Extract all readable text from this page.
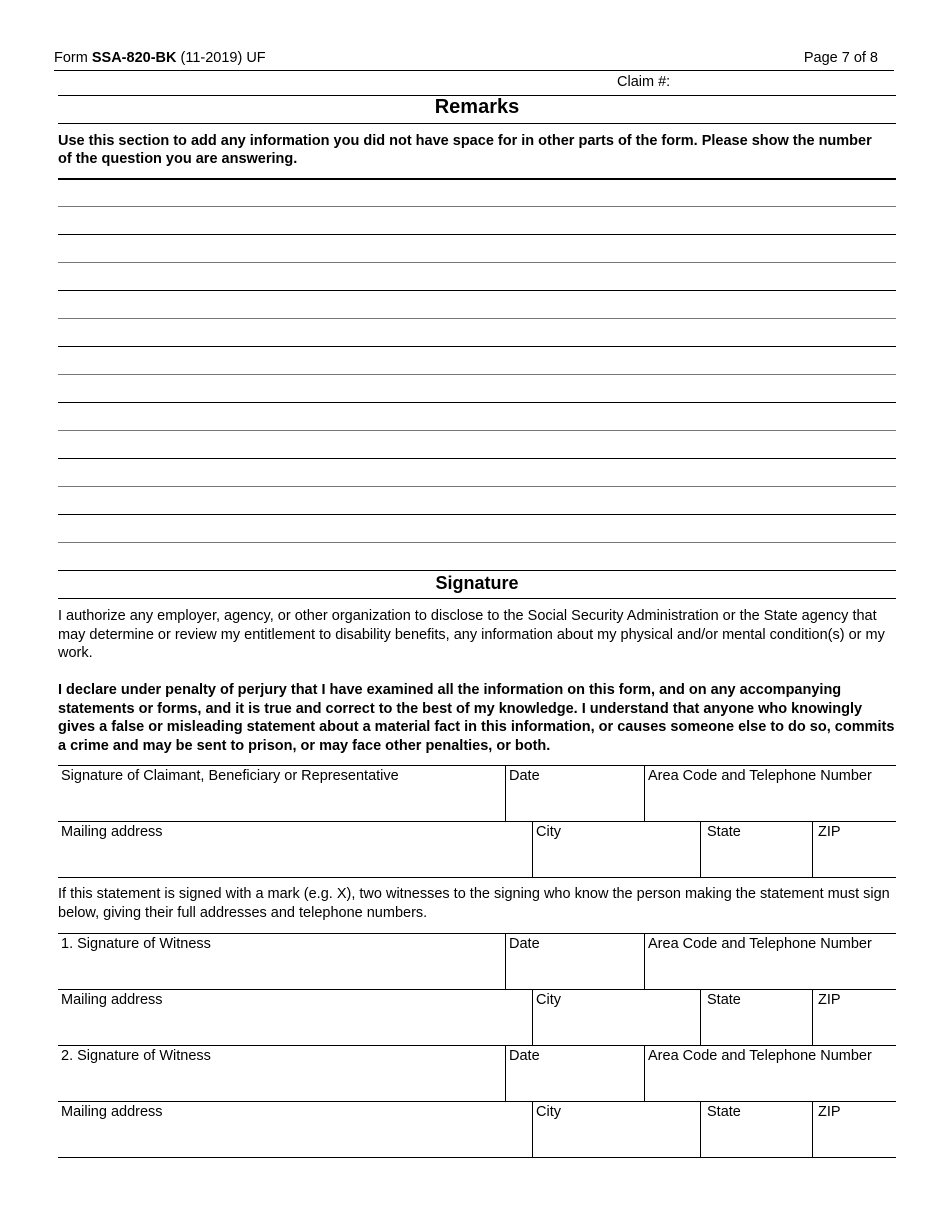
Form SSA-820-BK (11-2019) UF	Page 7 of 8
Claim #:
Remarks
Use this section to add any information you did not have space for in other parts of the form. Please show the number of the question you are answering.
Signature
I authorize any employer, agency, or other organization to disclose to the Social Security Administration or the State agency that may determine or review my entitlement to disability benefits, any information about my physical and/or mental condition(s) or my work.
I declare under penalty of perjury that I have examined all the information on this form, and on any accompanying statements or forms, and it is true and correct to the best of my knowledge. I understand that anyone who knowingly gives a false or misleading statement about a material fact in this information, or causes someone else to do so, commits a crime and may be sent to prison, or may face other penalties, or both.
Signature of Claimant, Beneficiary or Representative	Date	Area Code and Telephone Number
Mailing address	City	State	ZIP
If this statement is signed with a mark (e.g. X), two witnesses to the signing who know the person making the statement must sign below, giving their full addresses and telephone numbers.
1. Signature of Witness	Date	Area Code and Telephone Number
Mailing address	City	State	ZIP
2. Signature of Witness	Date	Area Code and Telephone Number
Mailing address	City	State	ZIP
